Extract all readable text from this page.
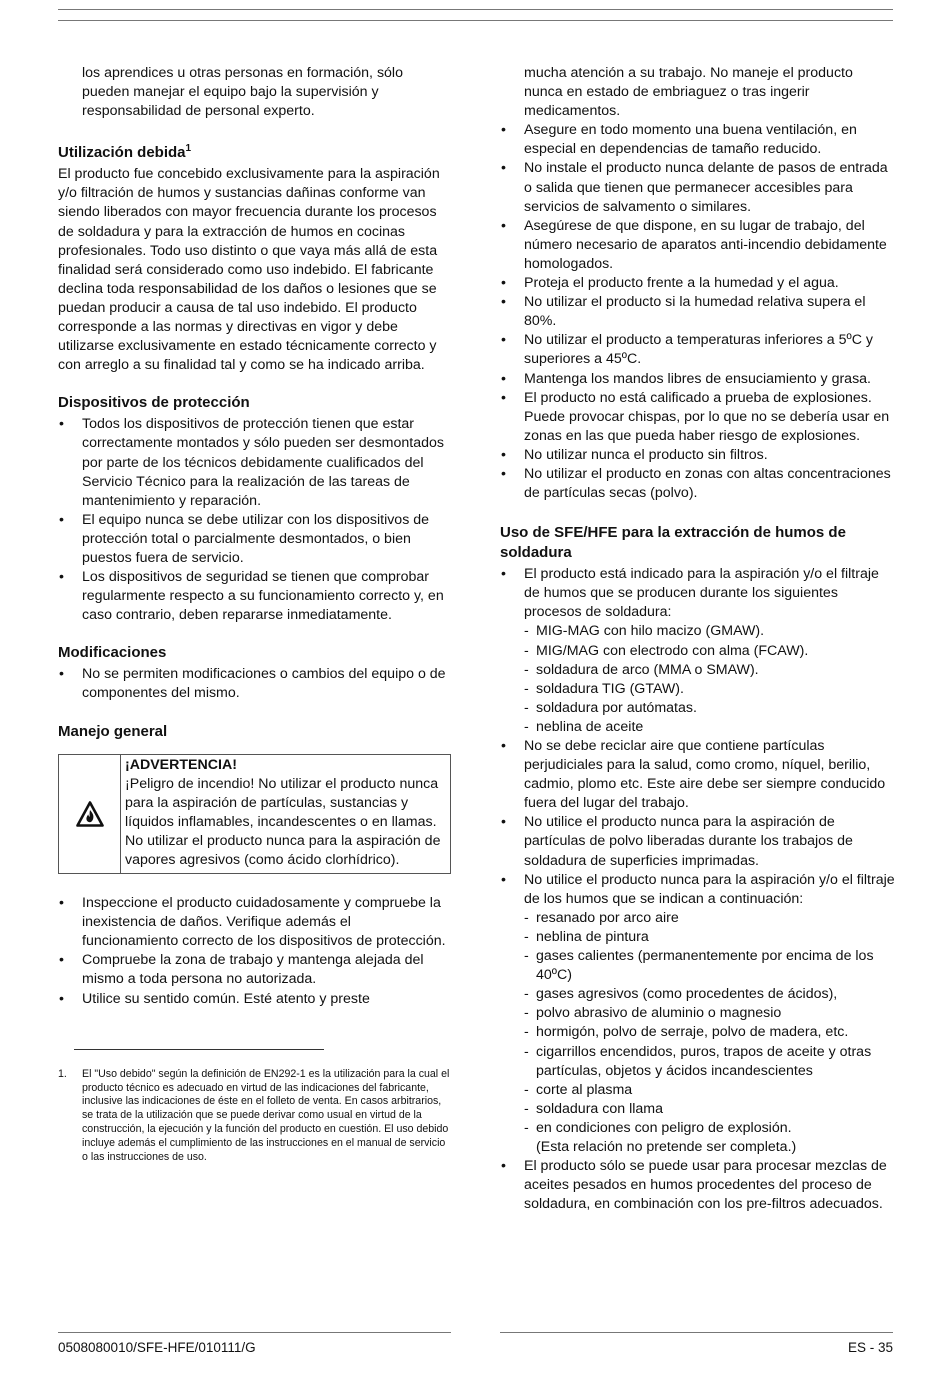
los aprendices u otras personas en formación, sólo pueden manejar el equipo bajo la supervisión y responsabilidad de personal experto.

Utilización debida$^1$

El producto fue concebido exclusivamente para la aspiración y/o filtración de humos y sustancias dañinas conforme van siendo liberados con mayor frecuencia durante los procesos de soldadura y para la extracción de humos en cocinas profesionales. Todo uso distinto o que vaya más allá de esta finalidad será considerado como uso indebido. El fabricante declina toda responsabilidad de los daños o lesiones que se puedan producir a causa de tal uso indebido. El producto corresponde a las normas y directivas en vigor y debe utilizarse exclusivamente en estado técnicamente correcto y con arreglo a su finalidad tal y como se ha indicado arriba.

Dispositivos de protección
• Todos los dispositivos de protección tienen que estar correctamente montados y sólo pueden ser desmontados por parte de los técnicos debidamente cualificados del Servicio Técnico para la realización de las tareas de mantenimiento y reparación.
• El equipo nunca se debe utilizar con los dispositivos de protección total o parcialmente desmontados, o bien puestos fuera de servicio.
• Los dispositivos de seguridad se tienen que comprobar regularmente respecto a su funcionamiento correcto y, en caso contrario, deben repararse inmediatamente.
Modificaciones
• No se permiten modificaciones o cambios del equipo o de componentes del mismo.
Manejo general
¡ADVERTENCIA!
¡Peligro de incendio! No utilizar el producto nunca para la aspiración de partículas, sustancias y líquidos inflamables, incandescentes o en llamas. No utilizar el producto nunca para la aspiración de vapores agresivos (como ácido clorhídrico).
• Inspeccione el producto cuidadosamente y compruebe la inexistencia de daños. Verifique además el funcionamiento correcto de los dispositivos de protección.
• Compruebe la zona de trabajo y mantenga alejada del mismo a toda persona no autorizada.
• Utilice su sentido común. Esté atento y preste
1.	El "Uso debido" según la definición de EN292-1 es la utilización para la cual el producto técnico es adecuado en virtud de las indicaciones del fabricante, inclusive las indicaciones de éste en el folleto de venta. En casos arbitrarios, se trata de la utilización que se puede derivar como usual en virtud de la construcción, la ejecución y la función del producto en cuestión. El uso debido incluye además el cumplimiento de las instrucciones en el manual de servicio o las instrucciones de uso.

mucha atención a su trabajo. No maneje el producto nunca en estado de embriaguez o tras ingerir medicamentos.

• Asegure en todo momento una buena ventilación, en especial en dependencias de tamaño reducido.
• No instale el producto nunca delante de pasos de entrada o salida que tienen que permanecer accesibles para servicios de salvamento o similares.
• Asegúrese de que dispone, en su lugar de trabajo, del número necesario de aparatos anti-incendio debidamente homologados.
• Proteja el producto frente a la humedad y el agua.
• No utilizar el producto si la humedad relativa supera el 80%.
• No utilizar el producto a temperaturas inferiores a 5ºC y superiores a 45ºC.
• Mantenga los mandos libres de ensuciamiento y grasa.
• El producto no está calificado a prueba de explosiones. Puede provocar chispas, por lo que no se debería usar en zonas en las que pueda haber riesgo de explosiones.
• No utilizar nunca el producto sin filtros.
• No utilizar el producto en zonas con altas concentraciones de partículas secas (polvo).
Uso de SFE/HFE para la extracción de humos de soldadura
• El producto está indicado para la aspiración y/o el filtraje de humos que se producen durante los siguientes procesos de soldadura:
- MIG-MAG con hilo macizo (GMAW).
- MIG/MAG con electrodo con alma (FCAW).
- soldadura de arco (MMA o SMAW).
- soldadura TIG (GTAW).
- soldadura por autómatas.
- neblina de aceite
• No se debe reciclar aire que contiene partículas perjudiciales para la salud, como cromo, níquel, berilio, cadmio, plomo etc. Este aire debe ser siempre conducido fuera del lugar del trabajo.
• No utilice el producto nunca para la aspiración de partículas de polvo liberadas durante los trabajos de soldadura de superficies imprimadas.
• No utilice el producto nunca para la aspiración y/o el filtraje de los humos que se indican a continuación:
- resanado por arco aire
- neblina de pintura
- gases calientes (permanentemente por encima de los 40ºC)
- gases agresivos (como procedentes de ácidos),
- polvo abrasivo de aluminio o magnesio
- hormigón, polvo de serraje, polvo de madera, etc.
- cigarrillos encendidos, puros, trapos de aceite y otras partículas, objetos y ácidos incandescientes
- corte al plasma
- soldadura con llama
- en condiciones con peligro de explosión.
(Esta relación no pretende ser completa.)
• El producto sólo se puede usar para procesar mezclas de aceites pesados en humos procedentes del proceso de soldadura, en combinación con los pre-filtros adecuados.
0508080010/SFE-HFE/010111/G	ES - 35
